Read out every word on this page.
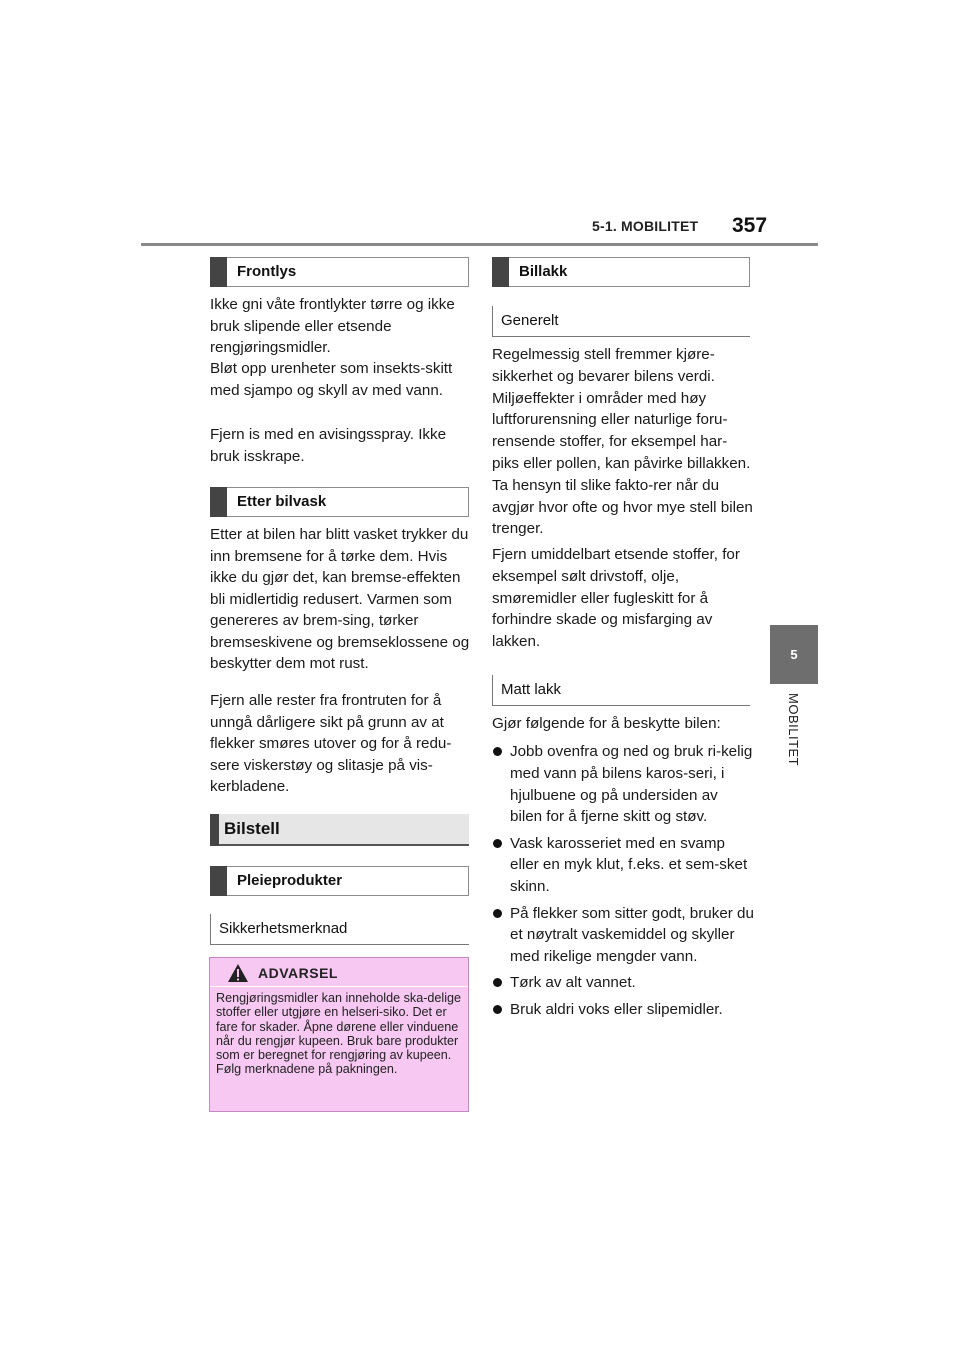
5-1. MOBILITET 357
5
MOBILITET
Frontlys

Ikke gni våte frontlykter tørre og ikke bruk slipende eller etsende rengjøringsmidler.

Bløt opp urenheter som insekts-skitt med sjampo og skyll av med vann.

Fjern is med en avisingsspray. Ikke bruk isskrape.

Etter bilvask

Etter at bilen har blitt vasket trykker du inn bremsene for å tørke dem. Hvis ikke du gjør det, kan bremse-effekten bli midlertidig redusert. Varmen som genereres av brem-sing, tørker bremseskivene og bremseklossene og beskytter dem mot rust.

Fjern alle rester fra frontruten for å unngå dårligere sikt på grunn av at flekker smøres utover og for å redu-sere viskerstøy og slitasje på vis-kerbladene.

Bilstell
Pleieprodukter
Sikkerhetsmerknad
ADVARSEL

Rengjøringsmidler kan inneholde ska-delige stoffer eller utgjøre en helseri-siko. Det er fare for skader. Åpne dørene eller vinduene når du rengjør kupeen. Bruk bare produkter som er beregnet for rengjøring av kupeen. Følg merknadene på pakningen.

Billakk
Generelt

Regelmessig stell fremmer kjøre-sikkerhet og bevarer bilens verdi. Miljøeffekter i områder med høy luftforurensning eller naturlige foru-rensende stoffer, for eksempel har-piks eller pollen, kan påvirke billakken. Ta hensyn til slike fakto-rer når du avgjør hvor ofte og hvor mye stell bilen trenger.

Fjern umiddelbart etsende stoffer, for eksempel sølt drivstoff, olje, smøremidler eller fugleskitt for å forhindre skade og misfarging av lakken.

Matt lakk

Gjør følgende for å beskytte bilen:

Jobb ovenfra og ned og bruk ri-kelig med vann på bilens karos-seri, i hjulbuene og på undersiden av bilen for å fjerne skitt og støv.
Vask karosseriet med en svamp eller en myk klut, f.eks. et sem-sket skinn.
På flekker som sitter godt, bruker du et nøytralt vaskemiddel og skyller med rikelige mengder vann.
Tørk av alt vannet.
Bruk aldri voks eller slipemidler.
